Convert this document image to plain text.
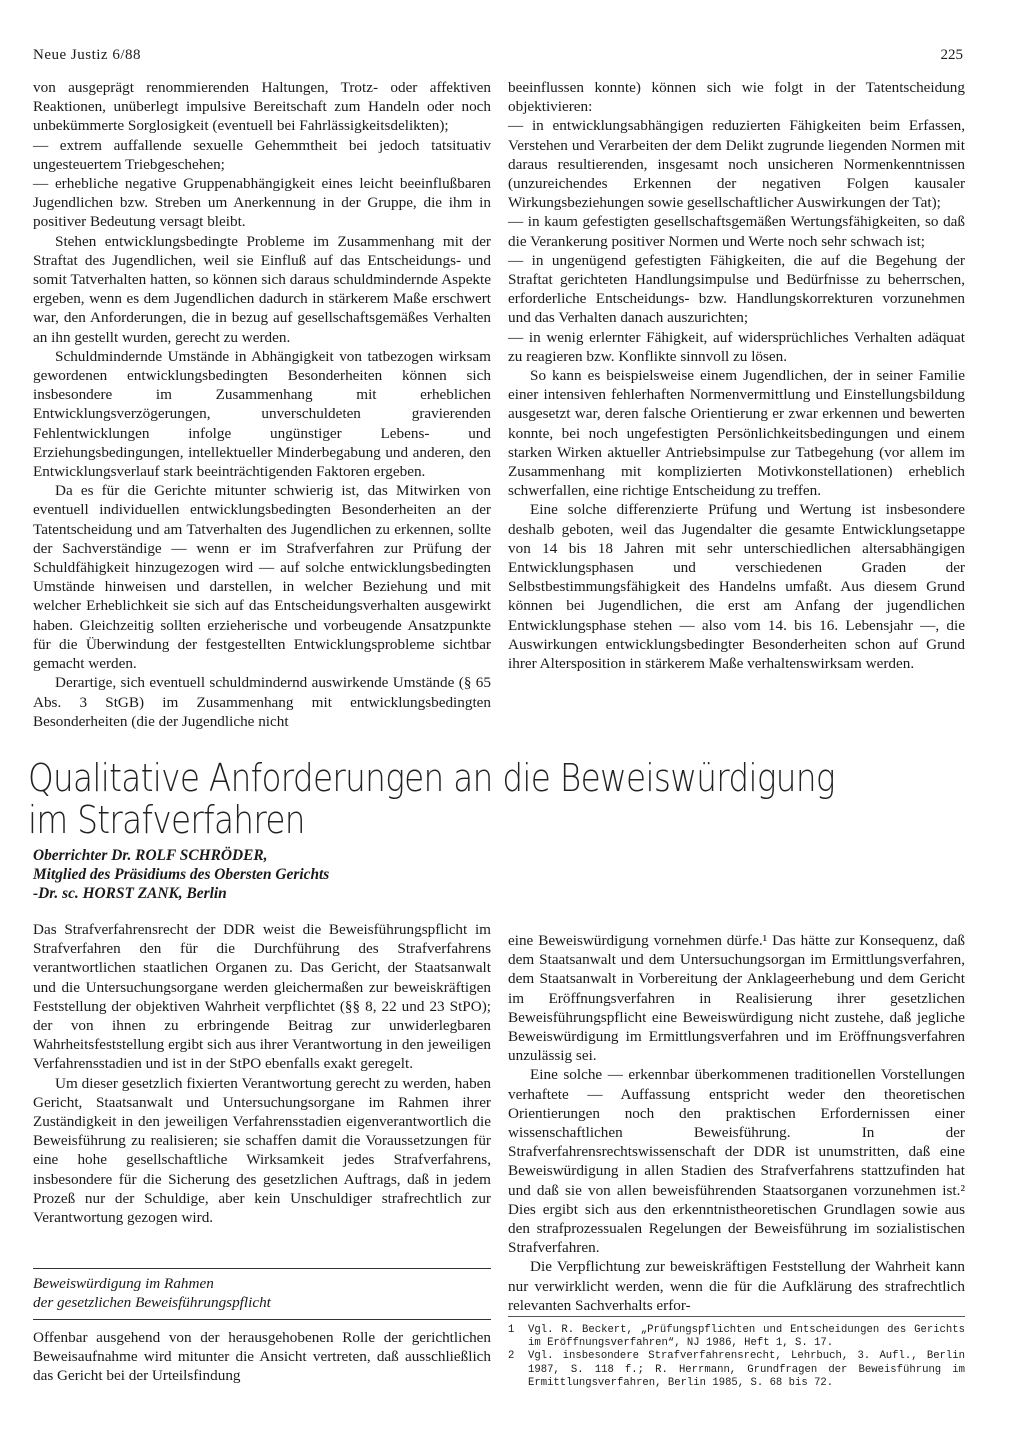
Neue Justiz 6/88	225

von ausgeprägt renommierenden Haltungen, Trotz- oder affektiven Reaktionen, unüberlegt impulsive Bereitschaft zum Handeln oder noch unbekümmerte Sorglosigkeit (eventuell bei Fahrlässigkeitsdelikten);

— extrem auffallende sexuelle Gehemmtheit bei jedoch tatsituativ ungesteuertem Triebgeschehen;

— erhebliche negative Gruppenabhängigkeit eines leicht beeinflußbaren Jugendlichen bzw. Streben um Anerkennung in der Gruppe, die ihm in positiver Bedeutung versagt bleibt.

Stehen entwicklungsbedingte Probleme im Zusammenhang mit der Straftat des Jugendlichen, weil sie Einfluß auf das Entscheidungs- und somit Tatverhalten hatten, so können sich daraus schuldmindernde Aspekte ergeben, wenn es dem Jugendlichen dadurch in stärkerem Maße erschwert war, den Anforderungen, die in bezug auf gesellschaftsgemäßes Verhalten an ihn gestellt wurden, gerecht zu werden.

Schuldmindernde Umstände in Abhängigkeit von tatbezogen wirksam gewordenen entwicklungsbedingten Besonderheiten können sich insbesondere im Zusammenhang mit erheblichen Entwicklungsverzögerungen, unverschuldeten gravierenden Fehlentwicklungen infolge ungünstiger Lebens- und Erziehungsbedingungen, intellektueller Minderbegabung und anderen, den Entwicklungsverlauf stark beeinträchtigenden Faktoren ergeben.

Da es für die Gerichte mitunter schwierig ist, das Mitwirken von eventuell individuellen entwicklungsbedingten Besonderheiten an der Tatentscheidung und am Tatverhalten des Jugendlichen zu erkennen, sollte der Sachverständige — wenn er im Strafverfahren zur Prüfung der Schuldfähigkeit hinzugezogen wird — auf solche entwicklungsbedingten Umstände hinweisen und darstellen, in welcher Beziehung und mit welcher Erheblichkeit sie sich auf das Entscheidungsverhalten ausgewirkt haben. Gleichzeitig sollten erzieherische und vorbeugende Ansatzpunkte für die Überwindung der festgestellten Entwicklungsprobleme sichtbar gemacht werden.

Derartige, sich eventuell schuldmindernd auswirkende Umstände (§ 65 Abs. 3 StGB) im Zusammenhang mit entwicklungsbedingten Besonderheiten (die der Jugendliche nicht

beeinflussen konnte) können sich wie folgt in der Tatentscheidung objektivieren:

— in entwicklungsabhängigen reduzierten Fähigkeiten beim Erfassen, Verstehen und Verarbeiten der dem Delikt zugrunde liegenden Normen mit daraus resultierenden, insgesamt noch unsicheren Normenkenntnissen (unzureichendes Erkennen der negativen Folgen kausaler Wirkungsbeziehungen sowie gesellschaftlicher Auswirkungen der Tat);

— in kaum gefestigten gesellschaftsgemäßen Wertungsfähigkeiten, so daß die Verankerung positiver Normen und Werte noch sehr schwach ist;

— in ungenügend gefestigten Fähigkeiten, die auf die Begehung der Straftat gerichteten Handlungsimpulse und Bedürfnisse zu beherrschen, erforderliche Entscheidungs- bzw. Handlungskorrekturen vorzunehmen und das Verhalten danach auszurichten;

— in wenig erlernter Fähigkeit, auf widersprüchliches Verhalten adäquat zu reagieren bzw. Konflikte sinnvoll zu lösen.

So kann es beispielsweise einem Jugendlichen, der in seiner Familie einer intensiven fehlerhaften Normenvermittlung und Einstellungsbildung ausgesetzt war, deren falsche Orientierung er zwar erkennen und bewerten konnte, bei noch ungefestigten Persönlichkeitsbedingungen und einem starken Wirken aktueller Antriebsimpulse zur Tatbegehung (vor allem im Zusammenhang mit komplizierten Motivkonstellationen) erheblich schwerfallen, eine richtige Entscheidung zu treffen.

Eine solche differenzierte Prüfung und Wertung ist insbesondere deshalb geboten, weil das Jugendalter die gesamte Entwicklungsetappe von 14 bis 18 Jahren mit sehr unterschiedlichen altersabhängigen Entwicklungsphasen und verschiedenen Graden der Selbstbestimmungsfähigkeit des Handelns umfaßt. Aus diesem Grund können bei Jugendlichen, die erst am Anfang der jugendlichen Entwicklungsphase stehen — also vom 14. bis 16. Lebensjahr —, die Auswirkungen entwicklungsbedingter Besonderheiten schon auf Grund ihrer Altersposition in stärkerem Maße verhaltenswirksam werden.

Qualitative Anforderungen an die Beweiswürdigung
im Strafverfahren
Oberrichter Dr. ROLF SCHRÖDER,
Mitglied des Präsidiums des Obersten Gerichts
-Dr. sc. HORST ZANK, Berlin

Das Strafverfahrensrecht der DDR weist die Beweisführungspflicht im Strafverfahren den für die Durchführung des Strafverfahrens verantwortlichen staatlichen Organen zu. Das Gericht, der Staatsanwalt und die Untersuchungsorgane werden gleichermaßen zur beweiskräftigen Feststellung der objektiven Wahrheit verpflichtet (§§ 8, 22 und 23 StPO); der von ihnen zu erbringende Beitrag zur unwiderlegbaren Wahrheitsfeststellung ergibt sich aus ihrer Verantwortung in den jeweiligen Verfahrensstadien und ist in der StPO ebenfalls exakt geregelt.

Um dieser gesetzlich fixierten Verantwortung gerecht zu werden, haben Gericht, Staatsanwalt und Untersuchungsorgane im Rahmen ihrer Zuständigkeit in den jeweiligen Verfahrensstadien eigenverantwortlich die Beweisführung zu realisieren; sie schaffen damit die Voraussetzungen für eine hohe gesellschaftliche Wirksamkeit jedes Strafverfahrens, insbesondere für die Sicherung des gesetzlichen Auftrags, daß in jedem Prozeß nur der Schuldige, aber kein Unschuldiger strafrechtlich zur Verantwortung gezogen wird.

Beweiswürdigung im Rahmen
der gesetzlichen Beweisführungspflicht

Offenbar ausgehend von der herausgehobenen Rolle der gerichtlichen Beweisaufnahme wird mitunter die Ansicht vertreten, daß ausschließlich das Gericht bei der Urteilsfindung

eine Beweiswürdigung vornehmen dürfe.¹ Das hätte zur Konsequenz, daß dem Staatsanwalt und dem Untersuchungsorgan im Ermittlungsverfahren, dem Staatsanwalt in Vorbereitung der Anklageerhebung und dem Gericht im Eröffnungsverfahren in Realisierung ihrer gesetzlichen Beweisführungspflicht eine Beweiswürdigung nicht zustehe, daß jegliche Beweiswürdigung im Ermittlungsverfahren und im Eröffnungsverfahren unzulässig sei.

Eine solche — erkennbar überkommenen traditionellen Vorstellungen verhaftete — Auffassung entspricht weder den theoretischen Orientierungen noch den praktischen Erfordernissen einer wissenschaftlichen Beweisführung. In der Strafverfahrensrechtswissenschaft der DDR ist unumstritten, daß eine Beweiswürdigung in allen Stadien des Strafverfahrens stattzufinden hat und daß sie von allen beweisführenden Staatsorganen vorzunehmen ist.² Dies ergibt sich aus den erkenntnistheoretischen Grundlagen sowie aus den strafprozessualen Regelungen der Beweisführung im sozialistischen Strafverfahren.

Die Verpflichtung zur beweiskräftigen Feststellung der Wahrheit kann nur verwirklicht werden, wenn die für die Aufklärung des strafrechtlich relevanten Sachverhalts erfor-

1 Vgl. R. Beckert, „Prüfungspflichten und Entscheidungen des Gerichts im Eröffnungsverfahren“, NJ 1986, Heft 1, S. 17.
2 Vgl. insbesondere Strafverfahrensrecht, Lehrbuch, 3. Aufl., Berlin 1987, S. 118 f.; R. Herrmann, Grundfragen der Beweisführung im Ermittlungsverfahren, Berlin 1985, S. 68 bis 72.
